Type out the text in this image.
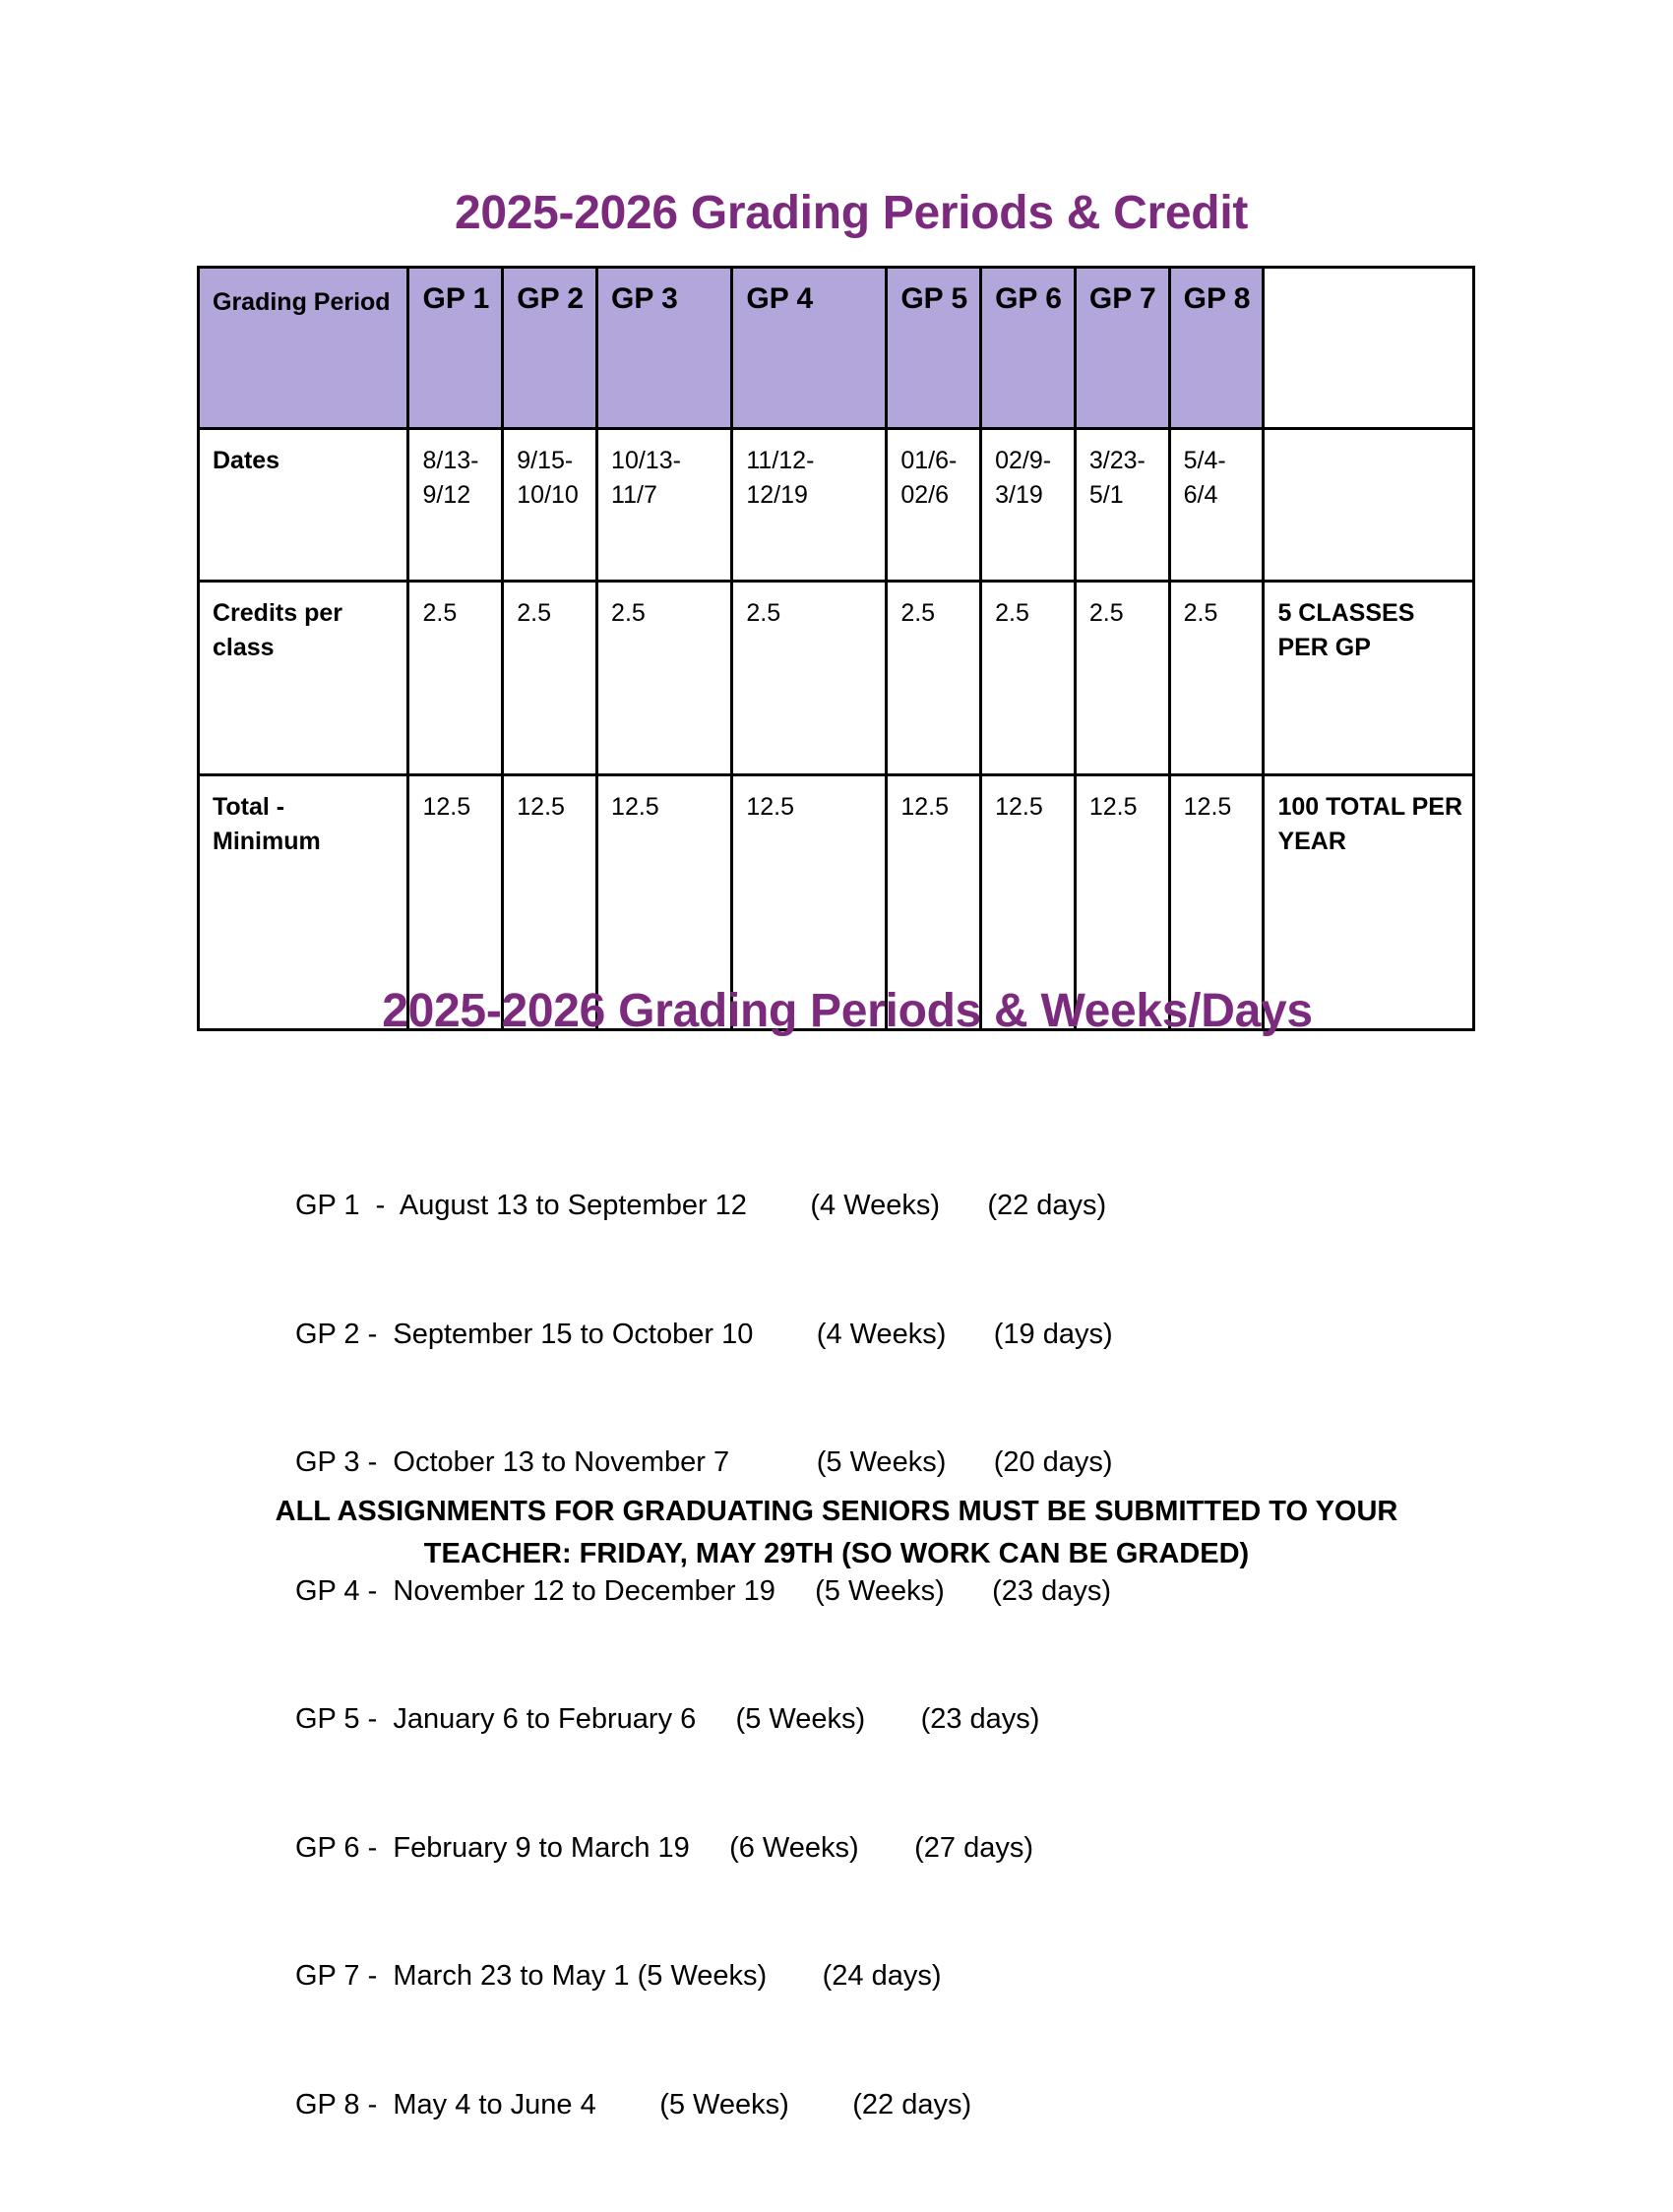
2025-2026 Grading Periods & Credit
Grading Period	GP 1	GP 2	GP 3	GP 4	GP 5	GP 6	GP 7	GP 8	
Dates	8/13-9/12	9/15-10/10	10/13-11/7	11/12-12/19	01/6-02/6	02/9-3/19	3/23-5/1	5/4-6/4	
Credits per class	2.5	2.5	2.5	2.5	2.5	2.5	2.5	2.5	5 CLASSES PER GP
Total - Minimum	12.5	12.5	12.5	12.5	12.5	12.5	12.5	12.5	100 TOTAL PER YEAR
2025-2026 Grading Periods & Weeks/Days

GP 1  -  August 13 to September 12        (4 Weeks)      (22 days)

GP 2 -  September 15 to October 10        (4 Weeks)      (19 days)

GP 3 -  October 13 to November 7           (5 Weeks)      (20 days)

GP 4 -  November 12 to December 19     (5 Weeks)      (23 days)

GP 5 -  January 6 to February 6     (5 Weeks)       (23 days)

GP 6 -  February 9 to March 19     (6 Weeks)       (27 days)

GP 7 -  March 23 to May 1 (5 Weeks)       (24 days)

GP 8 -  May 4 to June 4        (5 Weeks)        (22 days)

ALL ASSIGNMENTS FOR GRADUATING SENIORS MUST BE SUBMITTED TO YOUR
TEACHER: FRIDAY, MAY 29TH (SO WORK CAN BE GRADED)
